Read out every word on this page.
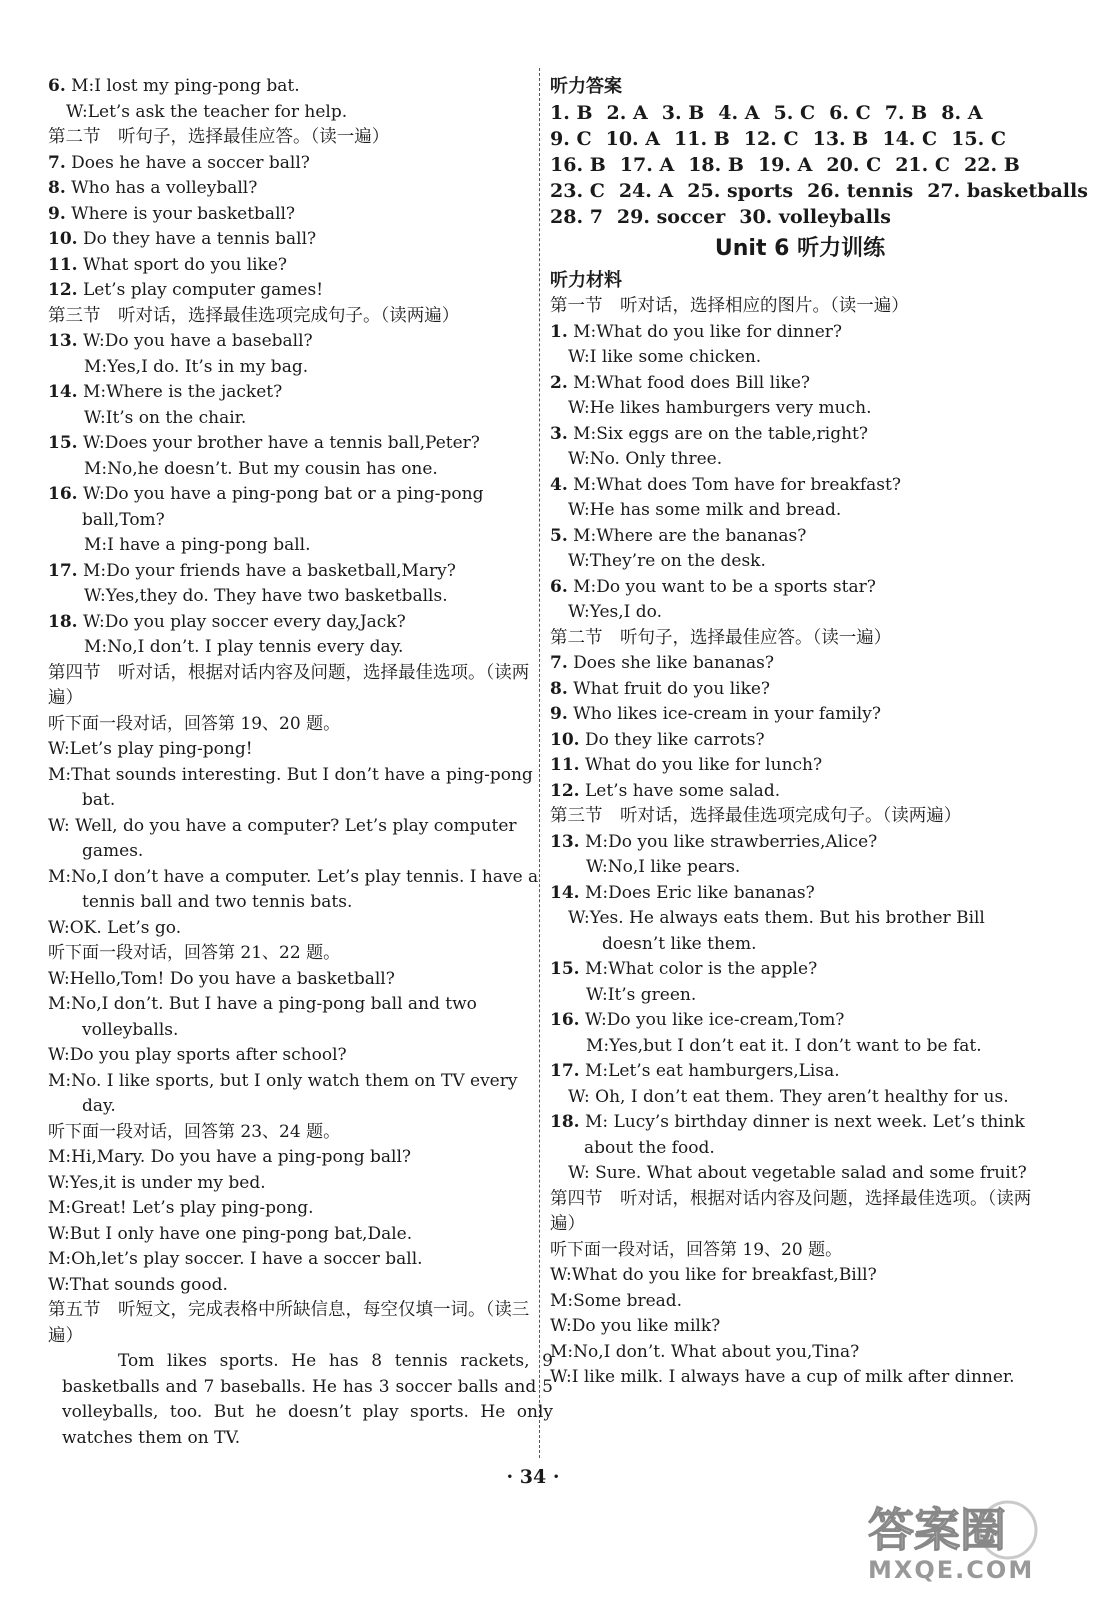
6. M:I lost my ping-pong bat.
W:Let’s ask the teacher for help.
第二节　听句子，选择最佳应答。（读一遍）
7. Does he have a soccer ball?
8. Who has a volleyball?
9. Where is your basketball?
10. Do they have a tennis ball?
11. What sport do you like?
12. Let’s play computer games!
第三节　听对话，选择最佳选项完成句子。（读两遍）
13. W:Do you have a baseball?
M:Yes,I do. It’s in my bag.
14. M:Where is the jacket?
W:It’s on the chair.
15. W:Does your brother have a tennis ball,Peter?
M:No,he doesn’t. But my cousin has one.
16. W:Do you have a ping-pong bat or a ping-pong ball,Tom?
M:I have a ping-pong ball.
17. M:Do your friends have a basketball,Mary?
W:Yes,they do. They have two basketballs.
18. W:Do you play soccer every day,Jack?
M:No,I don’t. I play tennis every day.
第四节　听对话，根据对话内容及问题，选择最佳选项。（读两遍）
听下面一段对话，回答第 19、20 题。
W:Let’s play ping-pong!
M:That sounds interesting. But I don’t have a ping-pong bat.
W: Well, do you have a computer? Let’s play computer games.
M:No,I don’t have a computer. Let’s play tennis. I have a tennis ball and two tennis bats.
W:OK. Let’s go.
听下面一段对话，回答第 21、22 题。
W:Hello,Tom! Do you have a basketball?
M:No,I don’t. But I have a ping-pong ball and two volleyballs.
W:Do you play sports after school?
M:No. I like sports, but I only watch them on TV every day.
听下面一段对话，回答第 23、24 题。
M:Hi,Mary. Do you have a ping-pong ball?
W:Yes,it is under my bed.
M:Great! Let’s play ping-pong.
W:But I only have one ping-pong bat,Dale.
M:Oh,let’s play soccer. I have a soccer ball.
W:That sounds good.
第五节　听短文，完成表格中所缺信息，每空仅填一词。（读三遍）
Tom likes sports. He has 8 tennis rackets, 9 basketballs and 7 baseballs. He has 3 soccer balls and 5 volleyballs, too. But he doesn’t play sports. He only watches them on TV.
听力答案
1. B 2. A 3. B 4. A 5. C 6. C 7. B 8. A
9. C 10. A 11. B 12. C 13. B 14. C 15. C
16. B 17. A 18. B 19. A 20. C 21. C 22. B
23. C 24. A 25. sports 26. tennis 27. basketballs
28. 7 29. soccer 30. volleyballs
Unit 6 听力训练
听力材料
第一节　听对话，选择相应的图片。（读一遍）
1. M:What do you like for dinner?
W:I like some chicken.
2. M:What food does Bill like?
W:He likes hamburgers very much.
3. M:Six eggs are on the table,right?
W:No. Only three.
4. M:What does Tom have for breakfast?
W:He has some milk and bread.
5. M:Where are the bananas?
W:They’re on the desk.
6. M:Do you want to be a sports star?
W:Yes,I do.
第二节　听句子，选择最佳应答。（读一遍）
7. Does she like bananas?
8. What fruit do you like?
9. Who likes ice-cream in your family?
10. Do they like carrots?
11. What do you like for lunch?
12. Let’s have some salad.
第三节　听对话，选择最佳选项完成句子。（读两遍）
13. M:Do you like strawberries,Alice?
W:No,I like pears.
14. M:Does Eric like bananas?
W:Yes. He always eats them. But his brother Bill doesn’t like them.
15. M:What color is the apple?
W:It’s green.
16. W:Do you like ice-cream,Tom?
M:Yes,but I don’t eat it. I don’t want to be fat.
17. M:Let’s eat hamburgers,Lisa.
W: Oh, I don’t eat them. They aren’t healthy for us.
18. M: Lucy’s birthday dinner is next week. Let’s think about the food.
W: Sure. What about vegetable salad and some fruit?
第四节　听对话，根据对话内容及问题，选择最佳选项。（读两遍）
听下面一段对话，回答第 19、20 题。
W:What do you like for breakfast,Bill?
M:Some bread.
W:Do you like milk?
M:No,I don’t. What about you,Tina?
W:I like milk. I always have a cup of milk after dinner.
· 34 ·
答案圈
MXQE.COM
